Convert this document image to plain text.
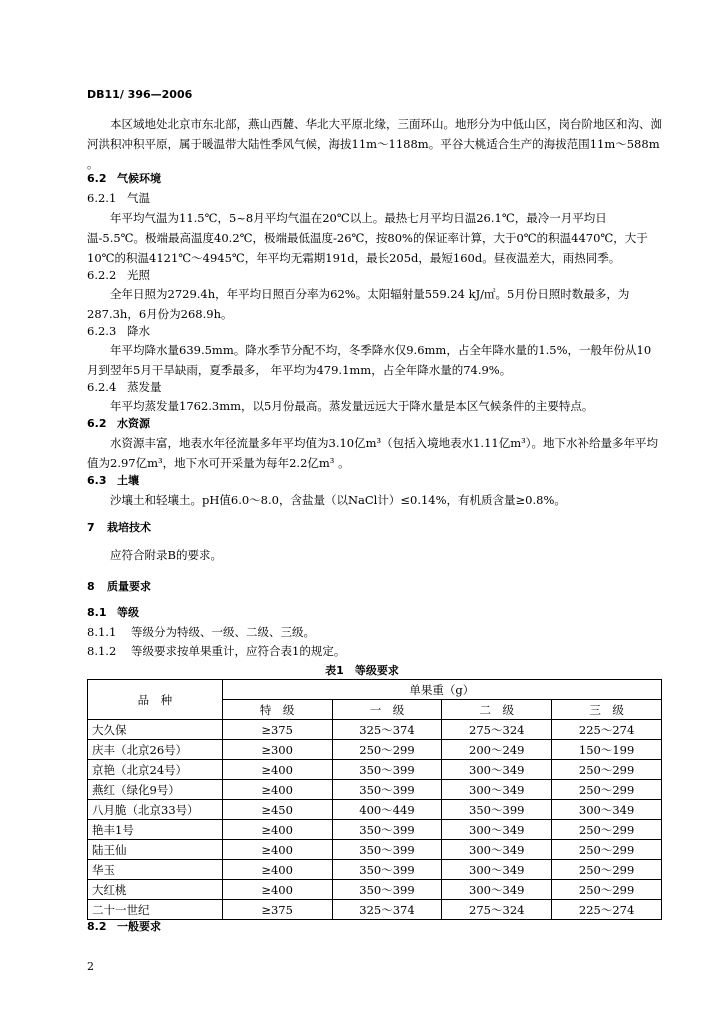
DB11/ 396—2006

本区域地处北京市东北部，燕山西麓、华北大平原北缘，三面环山。地形分为中低山区，岗台阶地区和沟、洳河洪积冲积平原，属于暖温带大陆性季风气候，海拔11m～1188m。平谷大桃适合生产的海拔范围11m～588m 。

6.2 气候环境
6.2.1 气温

年平均气温为11.5℃，5~8月平均气温在20℃以上。最热七月平均日温26.1℃，最冷一月平均日温-5.5℃。极端最高温度40.2℃，极端最低温度-26℃，按80%的保证率计算，大于0℃的积温4470℃，大于10℃的积温4121℃～4945℃，年平均无霜期191d，最长205d，最短160d。昼夜温差大，雨热同季。

6.2.2 光照

全年日照为2729.4h，年平均日照百分率为62%。太阳辐射量559.24 kJ/㎡。5月份日照时数最多，为287.3h，6月份为268.9h。

6.2.3 降水

年平均降水量639.5mm。降水季节分配不均，冬季降水仅9.6mm，占全年降水量的1.5%，一般年份从10月到翌年5月干旱缺雨，夏季最多， 年平均为479.1mm，占全年降水量的74.9%。

6.2.4 蒸发量

年平均蒸发量1762.3mm，以5月份最高。蒸发量远远大于降水量是本区气候条件的主要特点。

6.2 水资源

水资源丰富，地表水年径流量多年平均值为3.10亿m³（包括入境地表水1.11亿m³）。地下水补给量多年平均值为2.97亿m³，地下水可开采量为每年2.2亿m³ 。

6.3 土壤

沙壤土和轻壤土。pH值6.0～8.0，含盐量（以NaCl计）≤0.14%，有机质含量≥0.8%。

7 栽培技术

应符合附录B的要求。

8 质量要求
8.1 等级
8.1.1 等级分为特级、一级、二级、三级。
8.1.2 等级要求按单果重计，应符合表1的规定。
表1　等级要求
品　种	单果重（g）			
	特　级	一　级	二　级	三　级
大久保	≥375	325～374	275～324	225～274
庆丰（北京26号）	≥300	250～299	200～249	150～199
京艳（北京24号）	≥400	350～399	300～349	250～299
燕红（绿化9号）	≥400	350～399	300～349	250～299
八月脆（北京33号）	≥450	400～449	350～399	300～349
艳丰1号	≥400	350～399	300～349	250～299
陆王仙	≥400	350～399	300～349	250～299
华玉	≥400	350～399	300～349	250～299
大红桃	≥400	350～399	300～349	250～299
二十一世纪	≥375	325～374	275～324	225～274
8.2 一般要求
2
